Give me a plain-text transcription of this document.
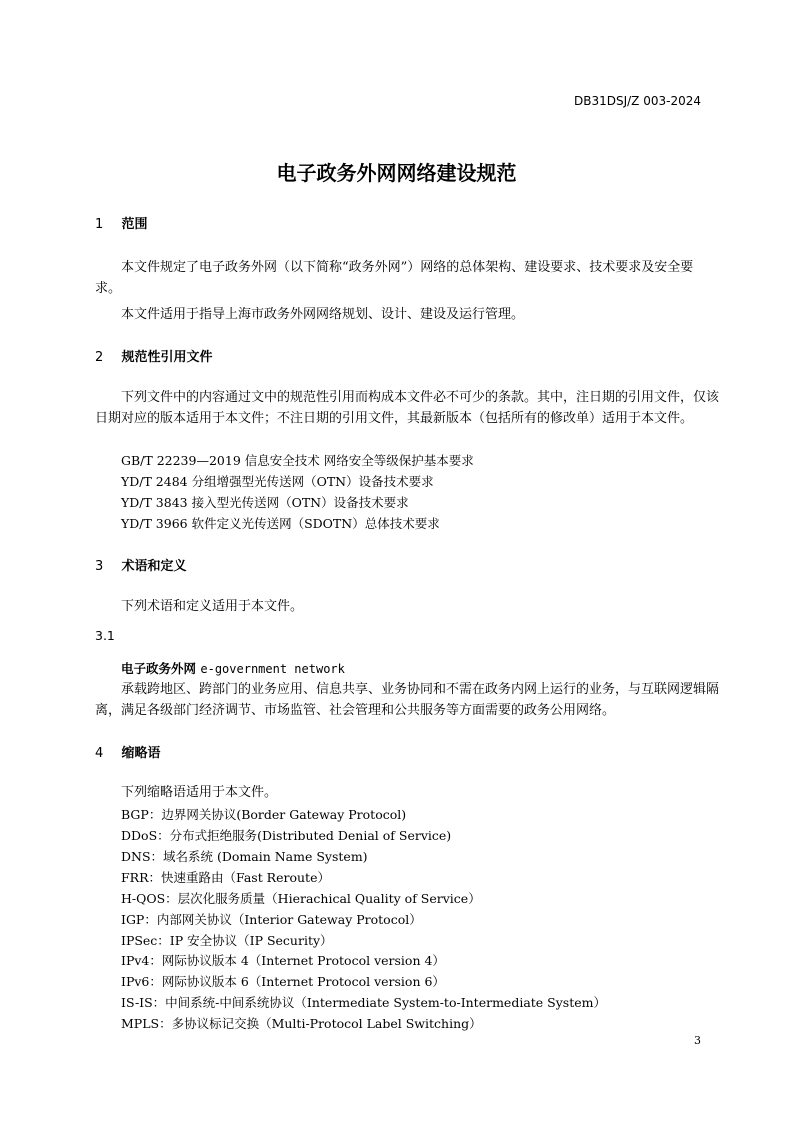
DB31DSJ/Z 003-2024
电子政务外网网络建设规范
1 范围
本文件规定了电子政务外网（以下简称“政务外网”）网络的总体架构、建设要求、技术要求及安全要求。
本文件适用于指导上海市政务外网网络规划、设计、建设及运行管理。
2 规范性引用文件
下列文件中的内容通过文中的规范性引用而构成本文件必不可少的条款。其中，注日期的引用文件，仅该日期对应的版本适用于本文件；不注日期的引用文件，其最新版本（包括所有的修改单）适用于本文件。
GB/T 22239—2019 信息安全技术 网络安全等级保护基本要求
YD/T 2484 分组增强型光传送网（OTN）设备技术要求
YD/T 3843 接入型光传送网（OTN）设备技术要求
YD/T 3966 软件定义光传送网（SDOTN）总体技术要求
3 术语和定义
下列术语和定义适用于本文件。
3.1
电子政务外网 e-government network
承载跨地区、跨部门的业务应用、信息共享、业务协同和不需在政务内网上运行的业务，与互联网逻辑隔离，满足各级部门经济调节、市场监管、社会管理和公共服务等方面需要的政务公用网络。
4 缩略语
下列缩略语适用于本文件。
BGP：边界网关协议(Border Gateway Protocol)
DDoS：分布式拒绝服务(Distributed Denial of Service)
DNS：域名系统 (Domain Name System)
FRR：快速重路由（Fast Reroute）
H-QOS：层次化服务质量（Hierachical Quality of Service）
IGP：内部网关协议（Interior Gateway Protocol）
IPSec：IP 安全协议（IP Security）
IPv4：网际协议版本 4（Internet Protocol version 4）
IPv6：网际协议版本 6（Internet Protocol version 6）
IS-IS：中间系统-中间系统协议（Intermediate System-to-Intermediate System）
MPLS：多协议标记交换（Multi-Protocol Label Switching）
3
